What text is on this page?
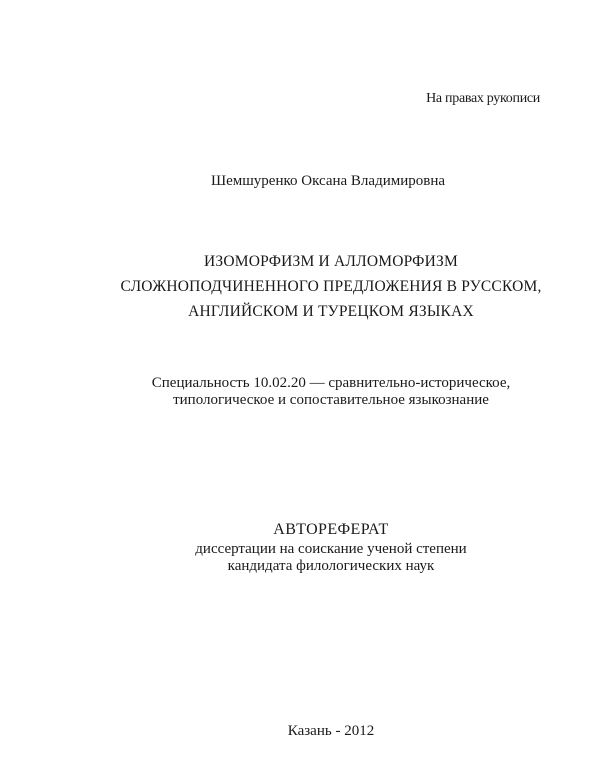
На правах рукописи
Шемшуренко Оксана Владимировна
ИЗОМОРФИЗМ И АЛЛОМОРФИЗМ
СЛОЖНОПОДЧИНЕННОГО ПРЕДЛОЖЕНИЯ В РУССКОМ,
АНГЛИЙСКОМ И ТУРЕЦКОМ ЯЗЫКАХ
Специальность 10.02.20 — сравнительно-историческое,
типологическое и сопоставительное языкознание
АВТОРЕФЕРАТ
диссертации на соискание ученой степени
кандидата филологических наук
Казань - 2012
